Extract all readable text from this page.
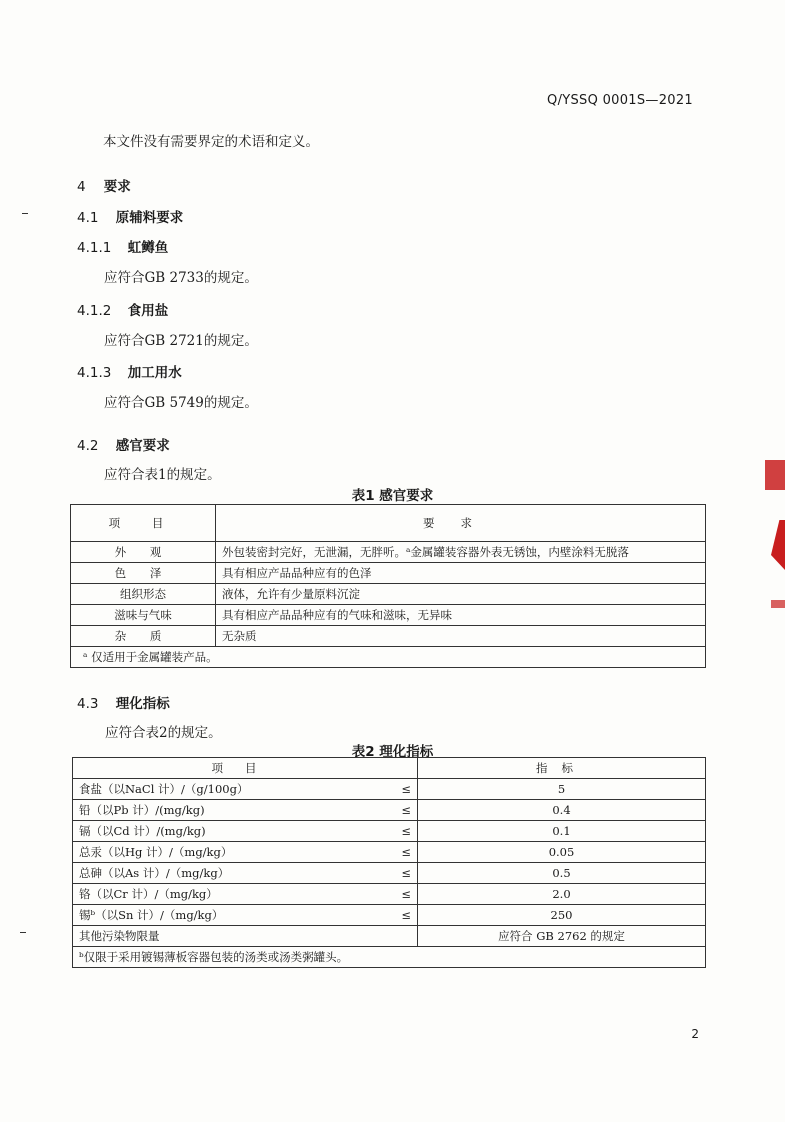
Q/YSSQ 0001S—2021
本文件没有需要界定的术语和定义。
4 要求
4.1 原辅料要求
4.1.1 虹鳟鱼
应符合GB 2733的规定。
4.1.2 食用盐
应符合GB 2721的规定。
4.1.3 加工用水
应符合GB 5749的规定。
4.2 感官要求
应符合表1的规定。
表1 感官要求
项 目	要求
外 观	外包装密封完好，无泄漏，无胖听。ᵃ金属罐装容器外表无锈蚀，内壁涂料无脱落
色 泽	具有相应产品品种应有的色泽
组织形态	液体，允许有少量原料沉淀
滋味与气味	具有相应产品品种应有的气味和滋味，无异味
杂 质	无杂质
ᵃ 仅适用于金属罐装产品。	
4.3 理化指标
应符合表2的规定。
表2 理化指标
项目		指标
食盐（以NaCl 计）/（g/100g）	≤	5
铅（以Pb 计）/(mg/kg)	≤	0.4
镉（以Cd 计）/(mg/kg)	≤	0.1
总汞（以Hg 计）/（mg/kg）	≤	0.05
总砷（以As 计）/（mg/kg）	≤	0.5
铬（以Cr 计）/（mg/kg）	≤	2.0
锡ᵇ（以Sn 计）/（mg/kg）	≤	250
其他污染物限量		应符合 GB 2762 的规定
ᵇ仅限于采用镀锡薄板容器包装的汤类或汤类粥罐头。		
2
